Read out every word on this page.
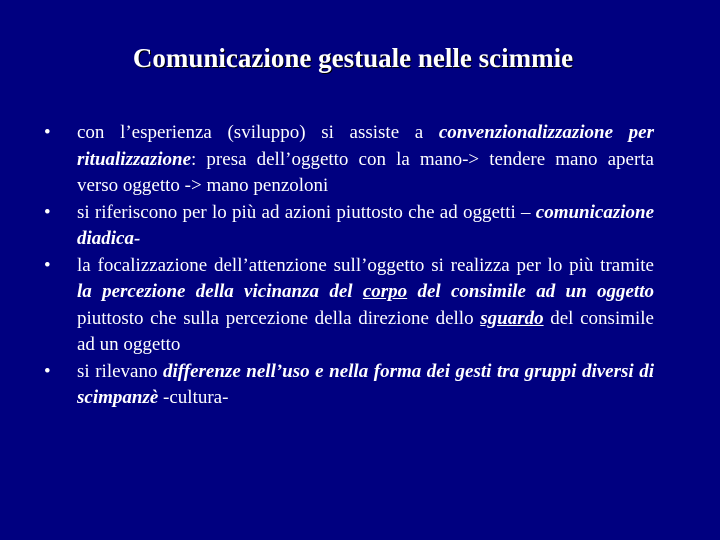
Comunicazione gestuale nelle scimmie
• con l’esperienza (sviluppo) si assiste a convenzionalizzazione per ritualizzazione: presa dell’oggetto con la mano-> tendere mano aperta verso oggetto -> mano penzoloni
• si riferiscono per lo più ad azioni piuttosto che ad oggetti – comunicazione diadica-
• la focalizzazione dell’attenzione sull’oggetto si realizza per lo più tramite la percezione della vicinanza del corpo del consimile ad un oggetto piuttosto che sulla percezione della direzione dello sguardo del consimile ad un oggetto
• si rilevano differenze nell’uso e nella forma dei gesti tra gruppi diversi di scimpanzè -cultura-
